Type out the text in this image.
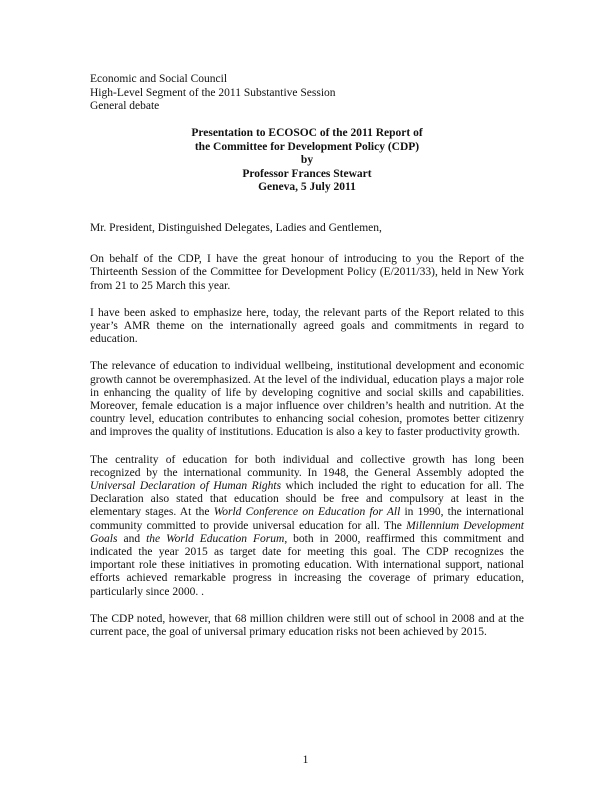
Economic and Social Council
High-Level Segment of the 2011 Substantive Session
General debate
Presentation to ECOSOC of the 2011 Report of
the Committee for Development Policy (CDP)
by
Professor Frances Stewart
Geneva, 5 July 2011

Mr. President, Distinguished Delegates, Ladies and Gentlemen,

On behalf of the CDP, I have the great honour of introducing to you the Report of the Thirteenth Session of the Committee for Development Policy (E/2011/33), held in New York from 21 to 25 March this year.

I have been asked to emphasize here, today, the relevant parts of the Report related to this year’s AMR theme on the internationally agreed goals and commitments in regard to education.

The relevance of education to individual wellbeing, institutional development and economic growth cannot be overemphasized. At the level of the individual, education plays a major role in enhancing the quality of life by developing cognitive and social skills and capabilities. Moreover, female education is a major influence over children’s health and nutrition. At the country level, education contributes to enhancing social cohesion, promotes better citizenry and improves the quality of institutions. Education is also a key to faster productivity growth.

The centrality of education for both individual and collective growth has long been recognized by the international community. In 1948, the General Assembly adopted the Universal Declaration of Human Rights which included the right to education for all. The Declaration also stated that education should be free and compulsory at least in the elementary stages. At the World Conference on Education for All in 1990, the international community committed to provide universal education for all. The Millennium Development Goals and the World Education Forum, both in 2000, reaffirmed this commitment and indicated the year 2015 as target date for meeting this goal. The CDP recognizes the important role these initiatives in promoting education. With international support, national efforts achieved remarkable progress in increasing the coverage of primary education, particularly since 2000. .

The CDP noted, however, that 68 million children were still out of school in 2008 and at the current pace, the goal of universal primary education risks not been achieved by 2015.

1
